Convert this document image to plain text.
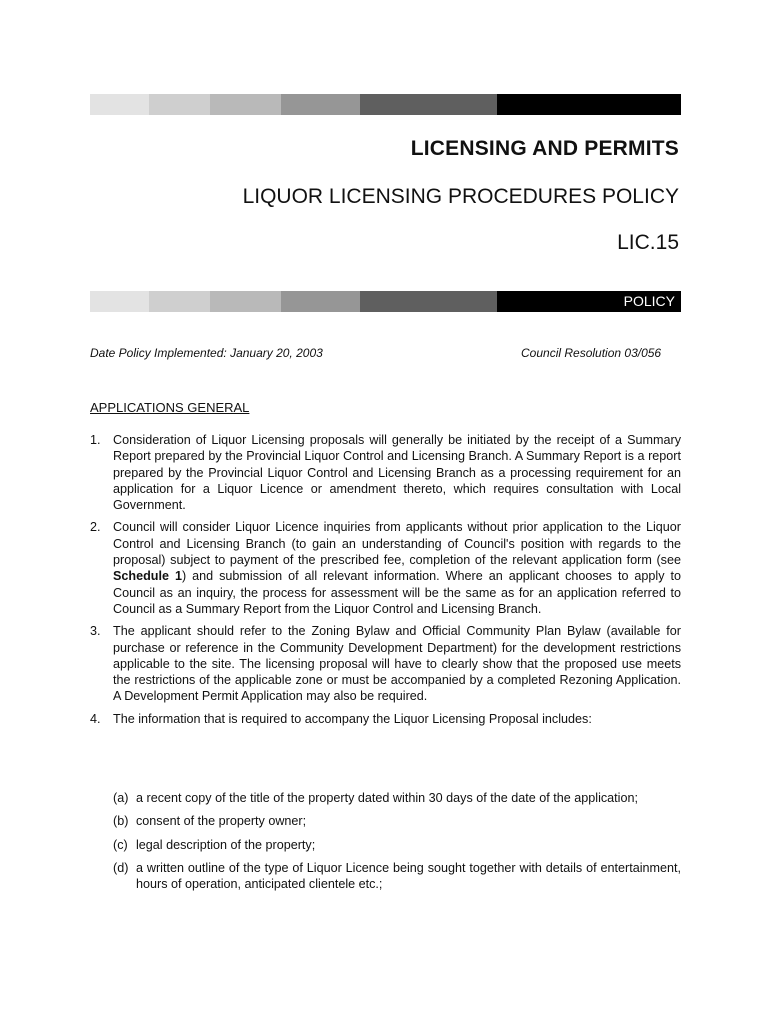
LICENSING AND PERMITS
LIQUOR LICENSING PROCEDURES POLICY
LIC.15
POLICY
Date Policy Implemented: January 20, 2003	Council Resolution 03/056
APPLICATIONS GENERAL
1. Consideration of Liquor Licensing proposals will generally be initiated by the receipt of a Summary Report prepared by the Provincial Liquor Control and Licensing Branch. A Summary Report is a report prepared by the Provincial Liquor Control and Licensing Branch as a processing requirement for an application for a Liquor Licence or amendment thereto, which requires consultation with Local Government.
2. Council will consider Liquor Licence inquiries from applicants without prior application to the Liquor Control and Licensing Branch (to gain an understanding of Council's position with regards to the proposal) subject to payment of the prescribed fee, completion of the relevant application form (see Schedule 1) and submission of all relevant information. Where an applicant chooses to apply to Council as an inquiry, the process for assessment will be the same as for an application referred to Council as a Summary Report from the Liquor Control and Licensing Branch.
3. The applicant should refer to the Zoning Bylaw and Official Community Plan Bylaw (available for purchase or reference in the Community Development Department) for the development restrictions applicable to the site. The licensing proposal will have to clearly show that the proposed use meets the restrictions of the applicable zone or must be accompanied by a completed Rezoning Application. A Development Permit Application may also be required.
4. The information that is required to accompany the Liquor Licensing Proposal includes:
(a) a recent copy of the title of the property dated within 30 days of the date of the application;
(b) consent of the property owner;
(c) legal description of the property;
(d) a written outline of the type of Liquor Licence being sought together with details of entertainment, hours of operation, anticipated clientele etc.;
